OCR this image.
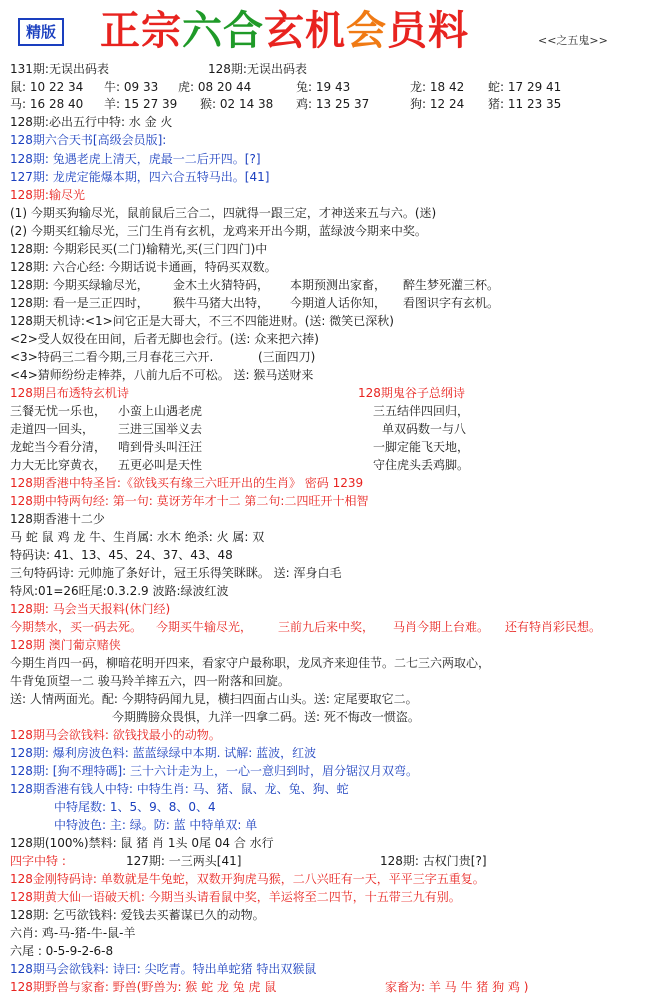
精版 正宗六合玄机会员料	<<之五鬼>>
131期:无误出码表	128期:无误出码表
鼠: 10 22 34 牛: 09 33 虎: 08 20 44	兔: 19 43	龙: 18 42 蛇: 17 29 41
马: 16 28 40 羊: 15 27 39 猴: 02 14 38 鸡: 13 25 37	狗: 12 24 猪: 11 23 35
128期:必出五行中特: 水 金 火
128期六合天书[高级会员版]:
128期: 兔遇老虎上清天，虎最一二后开四。[?]
127期: 龙虎定能爆本期，四六合五特马出。[41]
128期:输尽光
(1) 今期买狗输尽光，鼠前鼠后三合二，四就得一跟三定，才神送来五与六。(迷)
(2) 今期买红输尽光，三门生肖有玄机，龙鸡来开出今期，蓝绿波今期来中奖。
128期: 今期彩民买(二门)输精光,买(三门四门)中
128期: 六合心经: 今期话说卡通画，特码买双数。
128期: 今期买绿输尽光， 金木土火猜特码， 本期预测出家畜， 醉生梦死灌三杯。
128期: 看一是三正四时， 猴牛马猪大出特， 今期道人话你知， 看图识字有玄机。
128期天机诗:<1>问它正是大哥大，不三不四能进财。(送: 微笑已深秋)
<2>受人奴役在田间，后者无脚也会行。(送: 众来把六捧)
<3>特码三二看今期,三月春花三六开.	(三面四刀)
<4>猜师纷纷走棒莽，八前九后不可松。 送: 猴马送财来
128期吕布透特玄机诗	128期鬼谷子总纲诗
三餐无忧一乐也， 小蛮上山遇老虎	三五结伴四回归，
走道四一回头， 三进三国举义去	单双码数一与八
龙蛇当今看分清， 啃到骨头叫汪汪	一脚定能飞天地，
力大无比穿黄衣， 五更必叫是天性	守住虎头丢鸡脚。
128期香港中特圣旨:《欲钱买有缘三六旺开出的生肖》 密码 1239
128期中特两句经: 第一句: 莫讶芳年才十二 第二句:二四旺开十相智
128期香港十二少
马 蛇 鼠 鸡 龙 牛、生肖属: 水木 绝杀: 火 属: 双
特码诀: 41、13、45、24、37、43、48
三句特码诗: 元帅施了条好计，冠王乐得笑眯眯。 送: 浑身白毛
特风:01=26旺尾:0.3.2.9 波路:绿波红波
128期: 马会当天报料(休门经)
今期禁水，买一码去死。 今期买牛输尽光， 三前九后来中奖， 马肖今期上台难。 还有特肖彩民想。
128期 澳门葡京赌侠
今期生肖四一码，柳暗花明开四来，看家守户最称职，龙凤齐来迎佳节。二七三六两取心，
牛背兔顶望一二 骏马羚羊摔五六，四一附落和回旋。
送: 人情两面光。配: 今期特码闻九見，横扫四面占山头。送: 定尾要取它二。
今期腾膀众畏惧，九洋一四拿二码。送: 死不悔改一惯盗。
128期马会欲钱料: 欲钱找最小的动物。
128期: 爆利房波色料: 蓝蓝绿绿中本期. 试解: 蓝波，红波
128期: [狗不理特碼]: 三十六计走为上，一心一意归到时，眉分锯汉月双弯。
128期香港有钱人中特: 中特生肖: 马、猪、鼠、龙、兔、狗、蛇
中特尾数: 1、5、9、8、0、4
中特波色: 主: 绿。防: 蓝 中特单双: 单
128期(100%)禁料: 鼠 猪 肖 1头 0尾 04 合 水行
四字中特 :	127期: 一三两头[41]	128期: 古权门贵[?]
128金刚特码诗: 单数就是牛兔蛇，双数开狗虎马猴，二八兴旺有一天，平平三字五重复。
128期黄大仙一语破天机: 今期当头请看鼠中奖，羊运将至二四节，十五带三九有别。
128期: 乞丐欲钱料: 爱钱去买蓄谋已久的动物。
六肖: 鸡-马-猪-牛-鼠-羊
六尾 : 0-5-9-2-6-8
128期马会欲钱料: 诗曰: 尖吃青。特出单蛇猪 特出双猴鼠
128期野兽与家畜: 野兽(野兽为: 猴 蛇 龙 兔 虎 鼠	家畜为: 羊 马 牛 猪 狗 鸡 )
